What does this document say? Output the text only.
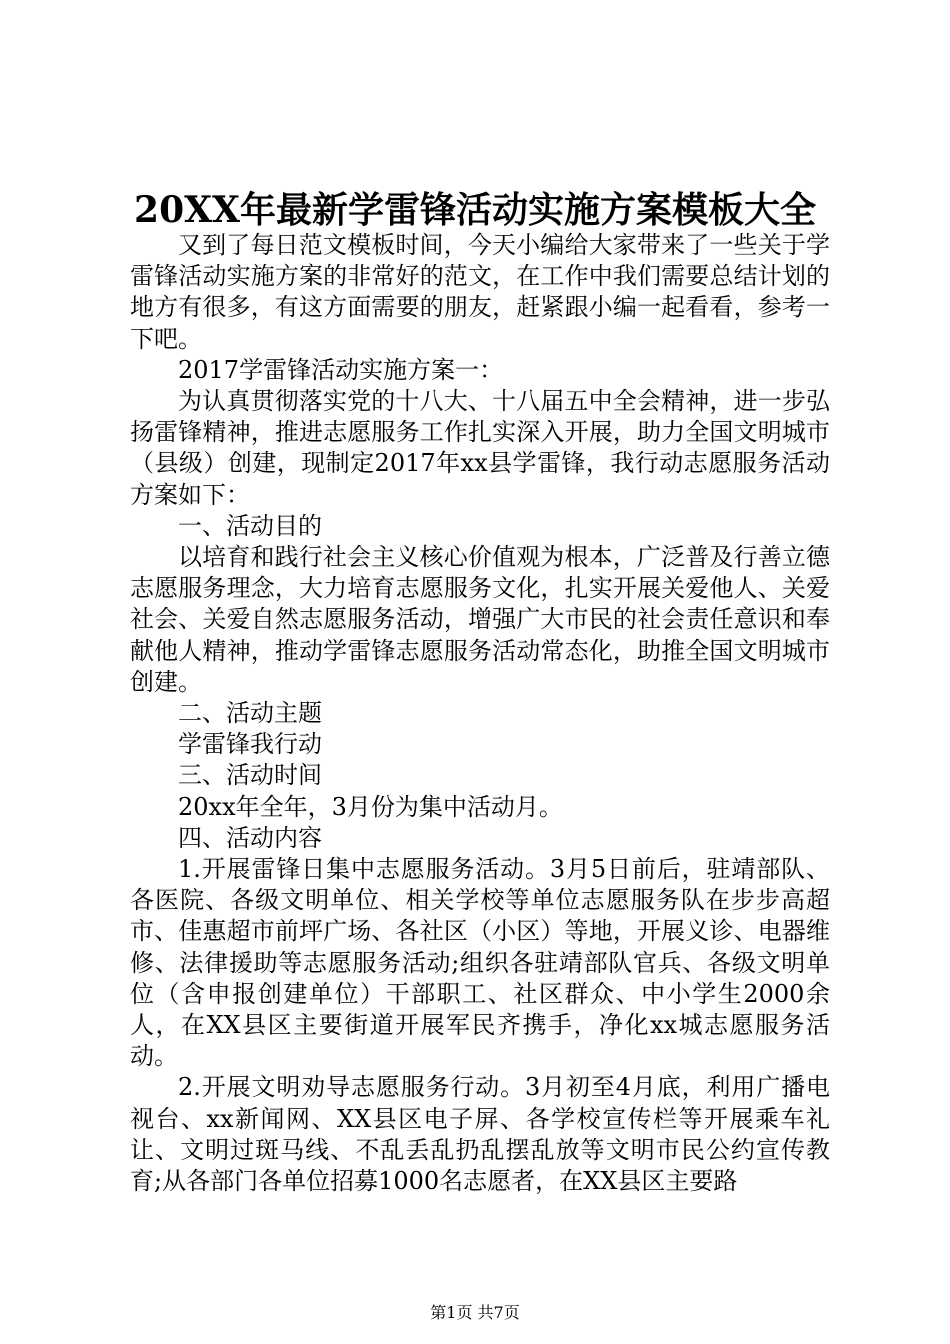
20XX年最新学雷锋活动实施方案模板大全

又到了每日范文模板时间，今天小编给大家带来了一些关于学雷锋活动实施方案的非常好的范文，在工作中我们需要总结计划的地方有很多，有这方面需要的朋友，赶紧跟小编一起看看，参考一下吧。

2017学雷锋活动实施方案一：

为认真贯彻落实党的十八大、十八届五中全会精神，进一步弘扬雷锋精神，推进志愿服务工作扎实深入开展，助力全国文明城市（县级）创建，现制定2017年xx县学雷锋，我行动志愿服务活动方案如下：

一、活动目的

以培育和践行社会主义核心价值观为根本，广泛普及行善立德志愿服务理念，大力培育志愿服务文化，扎实开展关爱他人、关爱社会、关爱自然志愿服务活动，增强广大市民的社会责任意识和奉献他人精神，推动学雷锋志愿服务活动常态化，助推全国文明城市创建。

二、活动主题

学雷锋我行动

三、活动时间

20xx年全年，3月份为集中活动月。

四、活动内容

1.开展雷锋日集中志愿服务活动。3月5日前后，驻靖部队、各医院、各级文明单位、相关学校等单位志愿服务队在步步高超市、佳惠超市前坪广场、各社区（小区）等地，开展义诊、电器维修、法律援助等志愿服务活动;组织各驻靖部队官兵、各级文明单位（含申报创建单位）干部职工、社区群众、中小学生2000余人，在XX县区主要街道开展军民齐携手，净化xx城志愿服务活动。

2.开展文明劝导志愿服务行动。3月初至4月底，利用广播电视台、xx新闻网、XX县区电子屏、各学校宣传栏等开展乘车礼让、文明过斑马线、不乱丢乱扔乱摆乱放等文明市民公约宣传教育;从各部门各单位招募1000名志愿者，在XX县区主要路

第1页 共7页
